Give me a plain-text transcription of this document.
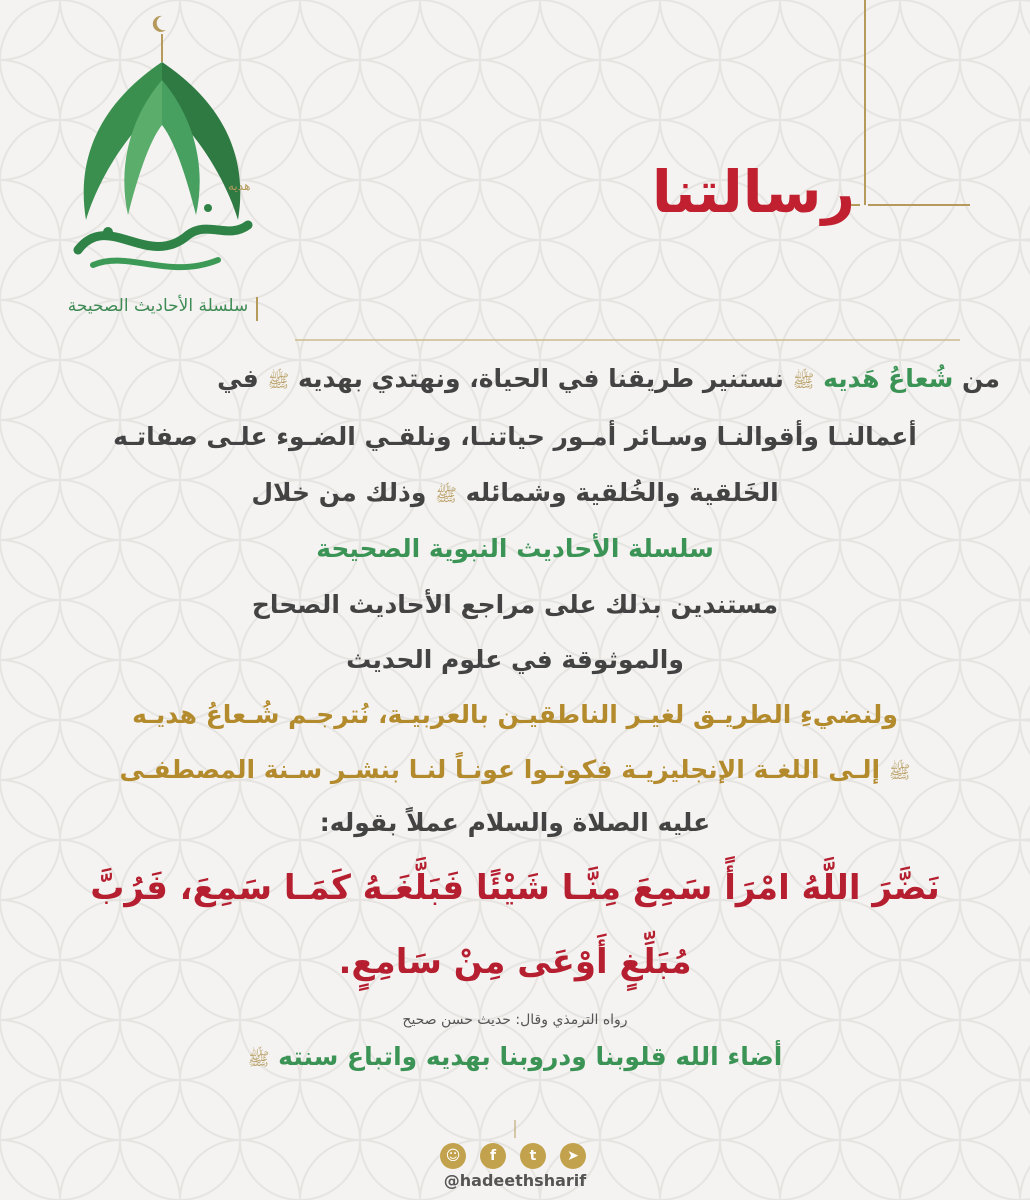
هديه
سلسلة الأحاديث الصحيحة
رسالتنا
من شُعاعُ هَديه ﷺ نستنير طريقنا في الحياة، ونهتدي بهديه ﷺ في
أعمالنـا وأقوالنـا وسـائر أمـور حياتنـا، ونلقـي الضـوء علـى صفاتـه
الخَلقية والخُلقية وشمائله ﷺ وذلك من خلال
سلسلة الأحاديث النبوية الصحيحة
مستندين بذلك على مراجع الأحاديث الصحاح
والموثوقة في علوم الحديث
ولنضيءِ الطريـق لغيـر الناطقيـن بالعربيـة، نُترجـم شُـعاعُ هديـه
ﷺ إلـى اللغـة الإنجليزيـة فكونـوا عونـاً لنـا بنشـر سـنة المصطفـى
عليه الصلاة والسلام عملاً بقوله:
نَضَّرَ اللَّهُ امْرَأً سَمِعَ مِنَّـا شَيْئًا فَبَلَّغَـهُ كَمَـا سَمِعَ، فَرُبَّ
مُبَلِّغٍ أَوْعَى مِنْ سَامِعٍ.
رواه الترمذي وقال: حديث حسن صحيح
أضاء الله قلوبنا ودروبنا بهديه واتباع سنته ﷺ
☺	f	t	➤
@hadeethsharif
